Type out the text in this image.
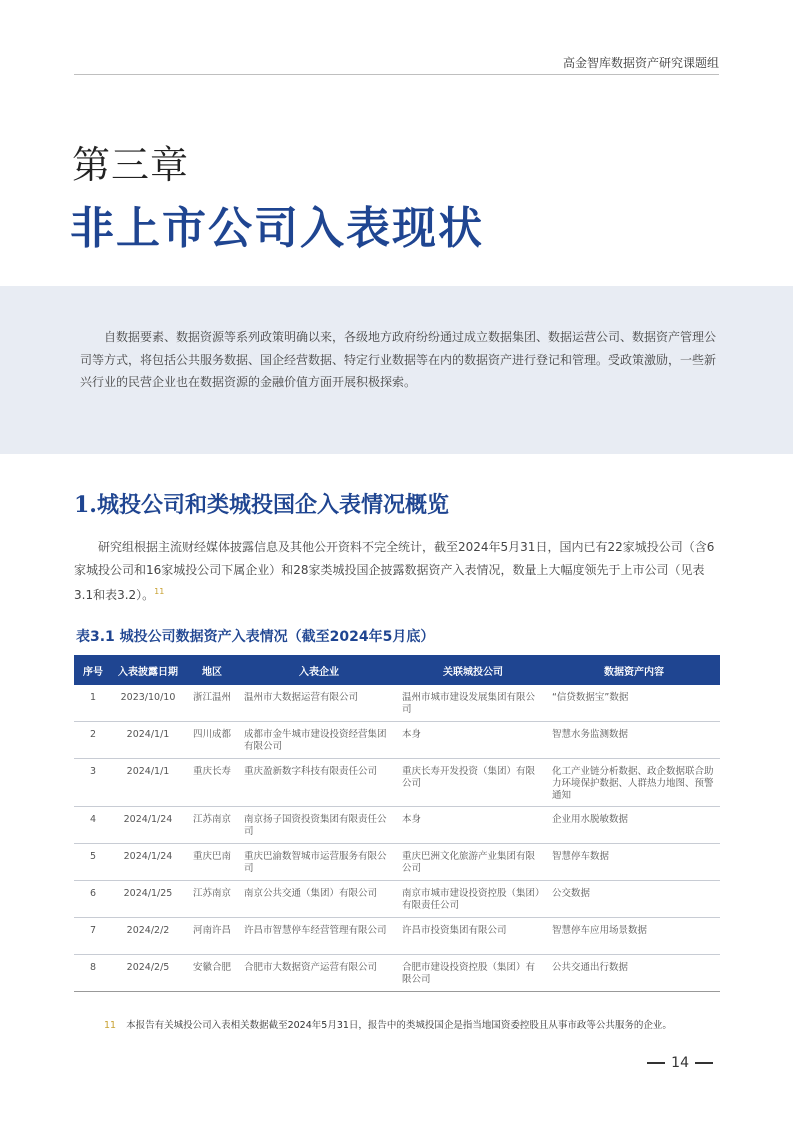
高金智库数据资产研究课题组
第三章
非上市公司入表现状

自数据要素、数据资源等系列政策明确以来，各级地方政府纷纷通过成立数据集团、数据运营公司、数据资产管理公司等方式，将包括公共服务数据、国企经营数据、特定行业数据等在内的数据资产进行登记和管理。受政策激励，一些新兴行业的民营企业也在数据资源的金融价值方面开展积极探索。

1.城投公司和类城投国企入表情况概览

研究组根据主流财经媒体披露信息及其他公开资料不完全统计，截至2024年5月31日，国内已有22家城投公司（含6家城投公司和16家城投公司下属企业）和28家类城投国企披露数据资产入表情况，数量上大幅度领先于上市公司（见表3.1和表3.2）。$^{11}$

表3.1 城投公司数据资产入表情况（截至2024年5月底）
序号	入表披露日期	地区	入表企业	关联城投公司	数据资产内容
1	2023/10/10	浙江温州	温州市大数据运营有限公司	温州市城市建设发展集团有限公司	“信贷数据宝”数据
2	2024/1/1	四川成都	成都市金牛城市建设投资经营集团有限公司	本身	智慧水务监测数据
3	2024/1/1	重庆长寿	重庆盈新数字科技有限责任公司	重庆长寿开发投资（集团）有限公司	化工产业链分析数据、政企数据联合助力环境保护数据、人群热力地图、预警通知
4	2024/1/24	江苏南京	南京扬子国资投资集团有限责任公司	本身	企业用水脱敏数据
5	2024/1/24	重庆巴南	重庆巴渝数智城市运营服务有限公司	重庆巴洲文化旅游产业集团有限公司	智慧停车数据
6	2024/1/25	江苏南京	南京公共交通（集团）有限公司	南京市城市建设投资控股（集团）有限责任公司	公交数据
7	2024/2/2	河南许昌	许昌市智慧停车经营管理有限公司	许昌市投资集团有限公司	智慧停车应用场景数据
8	2024/2/5	安徽合肥	合肥市大数据资产运营有限公司	合肥市建设投资控股（集团）有限公司	公共交通出行数据
11 本报告有关城投公司入表相关数据截至2024年5月31日，报告中的类城投国企是指当地国资委控股且从事市政等公共服务的企业。
14
